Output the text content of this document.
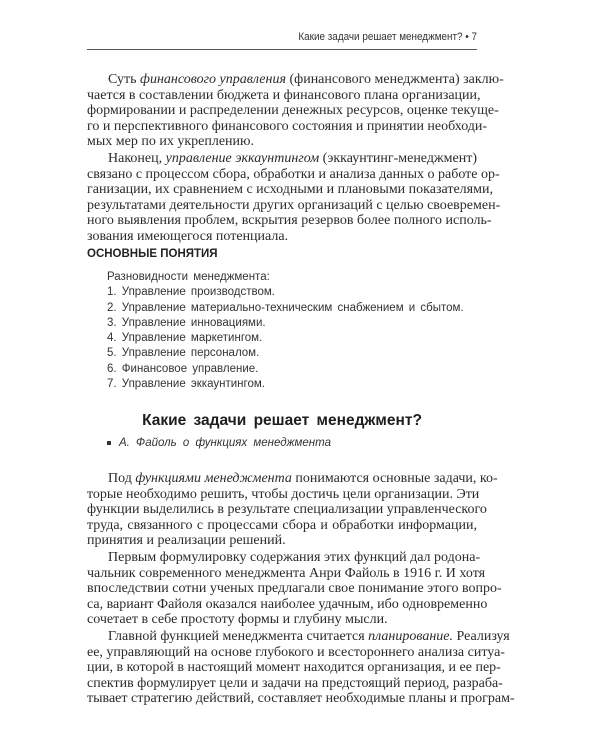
Какие задачи решает менеджмент? • 7
Суть финансового управления (финансового менеджмента) заклю-
чается в составлении бюджета и финансового плана организации,
формировании и распределении денежных ресурсов, оценке текуще-
го и перспективного финансового состояния и принятии необходи-
мых мер по их укреплению.
Наконец, управление эккаунтингом (эккаунтинг-менеджмент)
связано с процессом сбора, обработки и анализа данных о работе ор-
ганизации, их сравнением с исходными и плановыми показателями,
результатами деятельности других организаций с целью своевремен-
ного выявления проблем, вскрытия резервов более полного исполь-
зования имеющегося потенциала.
ОСНОВНЫЕ ПОНЯТИЯ
Разновидности менеджмента:
1. Управление производством.
2. Управление материально-техническим снабжением и сбытом.
3. Управление инновациями.
4. Управление маркетингом.
5. Управление персоналом.
6. Финансовое управление.
7. Управление эккаунтингом.
Какие задачи решает менеджмент?
А. Файоль о функциях менеджмента
Под функциями менеджмента понимаются основные задачи, ко-
торые необходимо решить, чтобы достичь цели организации. Эти
функции выделились в результате специализации управленческого
труда, связанного с процессами сбора и обработки информации,
принятия и реализации решений.
Первым формулировку содержания этих функций дал родона-
чальник современного менеджмента Анри Файоль в 1916 г. И хотя
впоследствии сотни ученых предлагали свое понимание этого вопро-
са, вариант Файоля оказался наиболее удачным, ибо одновременно
сочетает в себе простоту формы и глубину мысли.
Главной функцией менеджмента считается планирование. Реализуя
ее, управляющий на основе глубокого и всестороннего анализа ситуа-
ции, в которой в настоящий момент находится организация, и ее пер-
спектив формулирует цели и задачи на предстоящий период, разраба-
тывает стратегию действий, составляет необходимые планы и програм-
